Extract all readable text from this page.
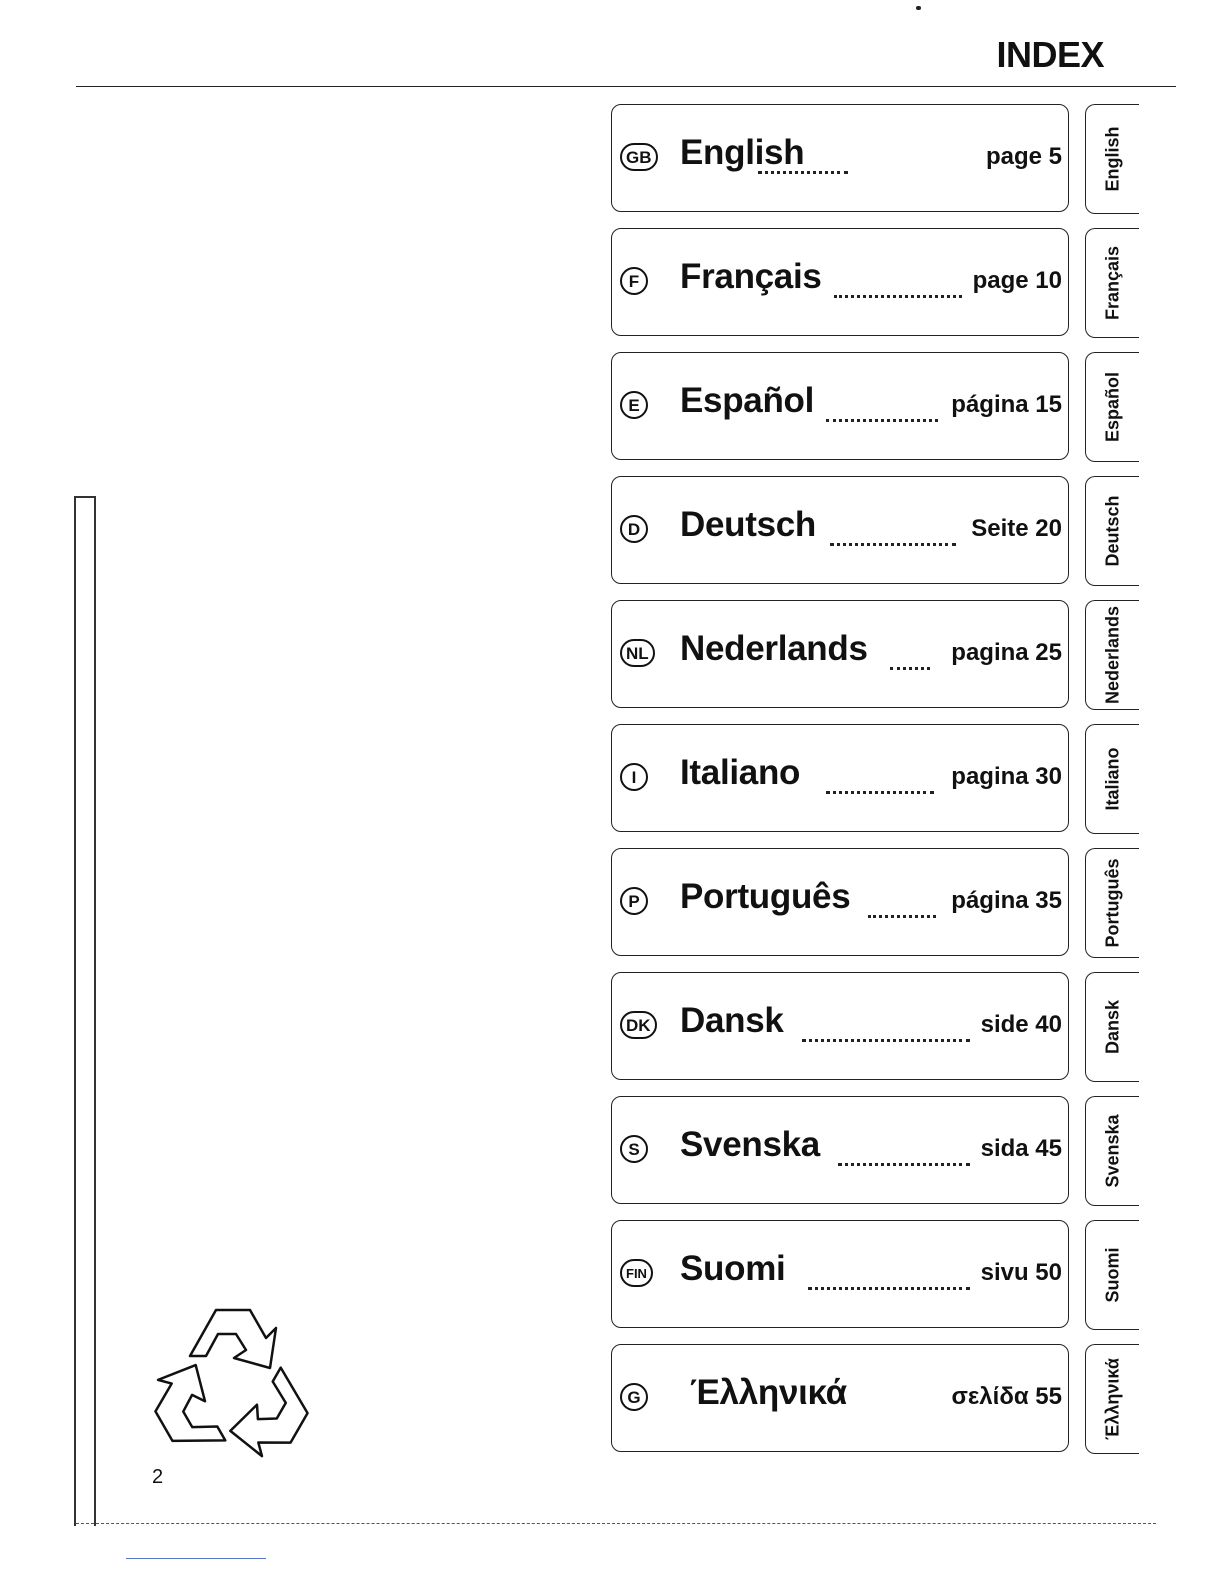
INDEX
GB English	page 5 English
F Français	page 10 Français
E Español	página 15 Español
D Deutsch	Seite 20 Deutsch
NL Nederlands	pagina 25 Nederlands
I	Italiano	pagina 30 Italiano
P Português	página 35 Português
DK Dansk	side 40 Dansk
S Svenska	sida 45 Svenska
FIN Suomi	sivu 50 Suomi
G Έλληνικά	σελίδα 55 Έλληνικά
2
